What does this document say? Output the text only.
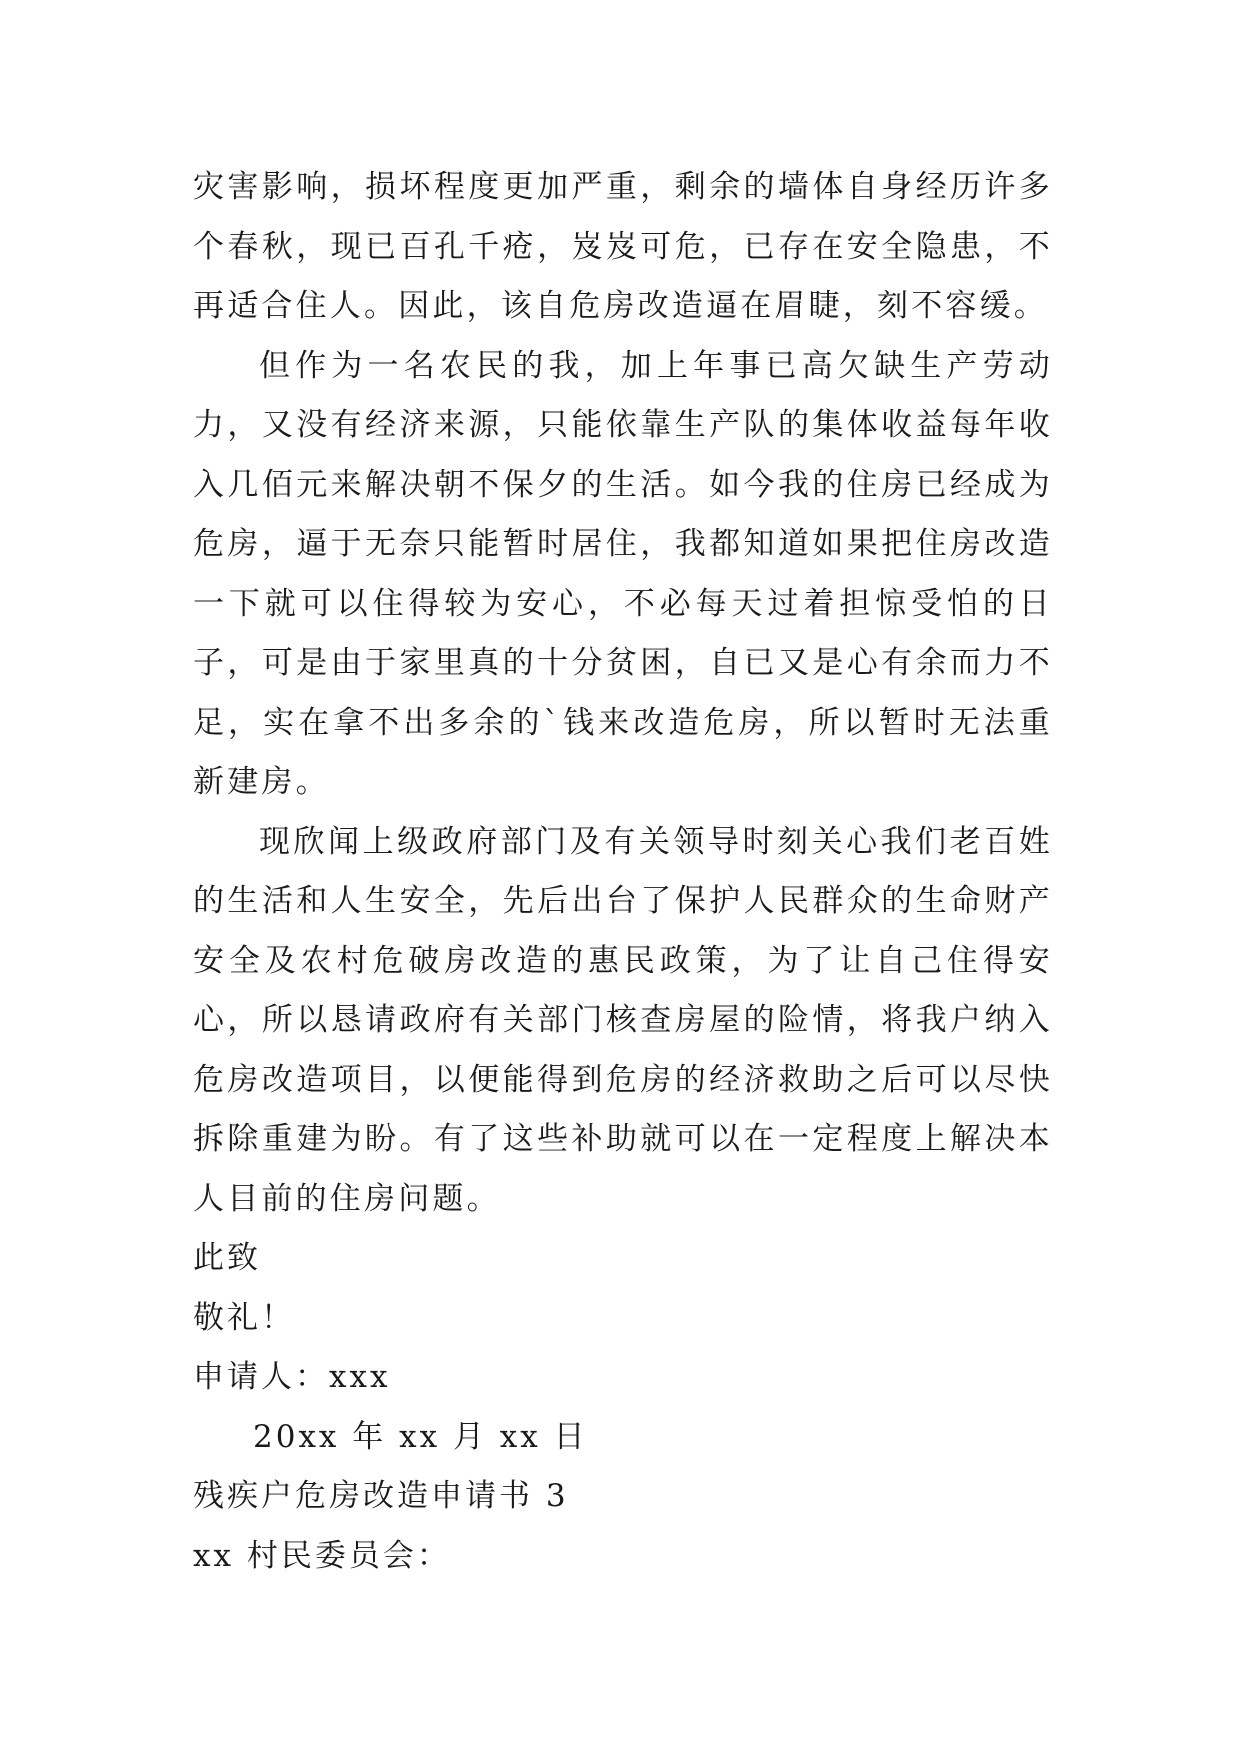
灾害影响，损坏程度更加严重，剩余的墙体自身经历许多个春秋，现已百孔千疮，岌岌可危，已存在安全隐患，不再适合住人。因此，该自危房改造逼在眉睫，刻不容缓。

但作为一名农民的我，加上年事已高欠缺生产劳动力，又没有经济来源，只能依靠生产队的集体收益每年收入几佰元来解决朝不保夕的生活。如今我的住房已经成为危房，逼于无奈只能暂时居住，我都知道如果把住房改造一下就可以住得较为安心，不必每天过着担惊受怕的日子，可是由于家里真的十分贫困，自已又是心有余而力不足，实在拿不出多余的`钱来改造危房，所以暂时无法重新建房。

现欣闻上级政府部门及有关领导时刻关心我们老百姓的生活和人生安全，先后出台了保护人民群众的生命财产安全及农村危破房改造的惠民政策，为了让自己住得安心，所以恳请政府有关部门核查房屋的险情，将我户纳入危房改造项目，以便能得到危房的经济救助之后可以尽快拆除重建为盼。有了这些补助就可以在一定程度上解决本人目前的住房问题。

此致

敬礼！

申请人：xxx

20xx 年 xx 月 xx 日

残疾户危房改造申请书 3

xx 村民委员会：
